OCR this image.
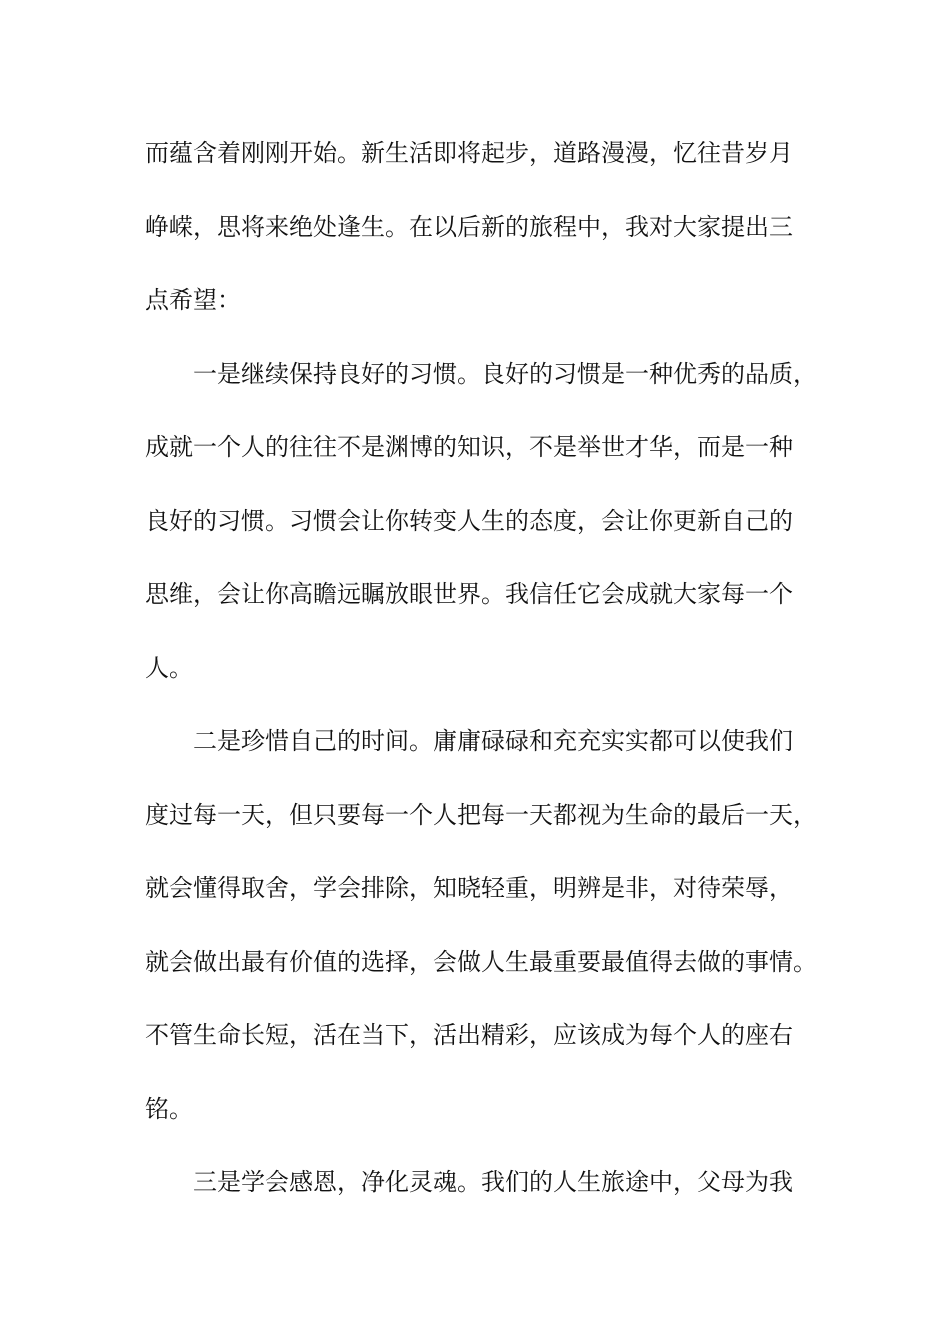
而蕴含着刚刚开始。新生活即将起步，道路漫漫，忆往昔岁月
峥嵘，思将来绝处逢生。在以后新的旅程中，我对大家提出三
点希望：
一是继续保持良好的习惯。良好的习惯是一种优秀的品质，
成就一个人的往往不是渊博的知识，不是举世才华，而是一种
良好的习惯。习惯会让你转变人生的态度，会让你更新自己的
思维，会让你高瞻远瞩放眼世界。我信任它会成就大家每一个
人。
二是珍惜自己的时间。庸庸碌碌和充充实实都可以使我们
度过每一天，但只要每一个人把每一天都视为生命的最后一天，
就会懂得取舍，学会排除，知晓轻重，明辨是非，对待荣辱，
就会做出最有价值的选择，会做人生最重要最值得去做的事情。
不管生命长短，活在当下，活出精彩，应该成为每个人的座右
铭。
三是学会感恩，净化灵魂。我们的人生旅途中，父母为我
